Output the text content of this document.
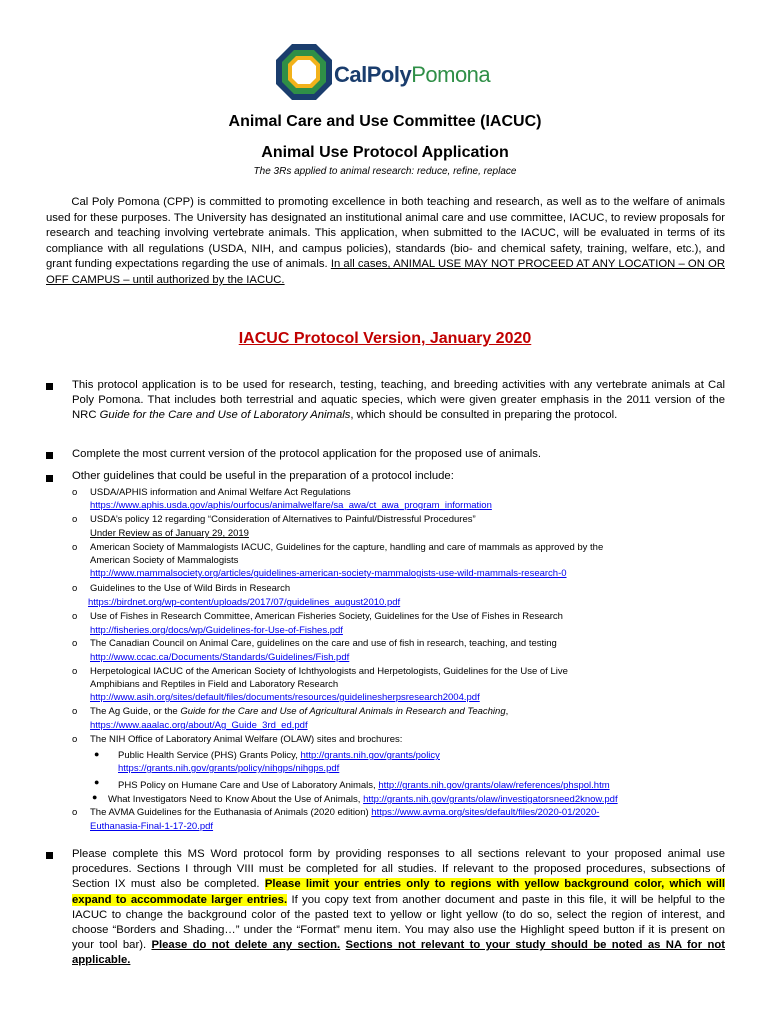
CalPolyPomona
Animal Care and Use Committee (IACUC)
Animal Use Protocol Application
The 3Rs applied to animal research: reduce, refine, replace
Cal Poly Pomona (CPP) is committed to promoting excellence in both teaching and research, as well as to the welfare of animals used for these purposes. The University has designated an institutional animal care and use committee, IACUC, to review proposals for research and teaching involving vertebrate animals. This application, when submitted to the IACUC, will be evaluated in terms of its compliance with all regulations (USDA, NIH, and campus policies), standards (bio- and chemical safety, training, welfare, etc.), and grant funding expectations regarding the use of animals. In all cases, ANIMAL USE MAY NOT PROCEED AT ANY LOCATION – ON OR OFF CAMPUS – until authorized by the IACUC.
IACUC Protocol Version, January 2020
This protocol application is to be used for research, testing, teaching, and breeding activities with any vertebrate animals at Cal Poly Pomona. That includes both terrestrial and aquatic species, which were given greater emphasis in the 2011 version of the NRC Guide for the Care and Use of Laboratory Animals, which should be consulted in preparing the protocol.
Complete the most current version of the protocol application for the proposed use of animals.
Other guidelines that could be useful in the preparation of a protocol include:
o USDA/APHIS information and Animal Welfare Act Regulations
https://www.aphis.usda.gov/aphis/ourfocus/animalwelfare/sa_awa/ct_awa_program_information
o USDA’s policy 12 regarding “Consideration of Alternatives to Painful/Distressful Procedures”
Under Review as of January 29, 2019
o American Society of Mammalogists IACUC, Guidelines for the capture, handling and care of mammals as approved by the
American Society of Mammalogists
http://www.mammalsociety.org/articles/guidelines-american-society-mammalogists-use-wild-mammals-research-0
o Guidelines to the Use of Wild Birds in Research
https://birdnet.org/wp-content/uploads/2017/07/guidelines_august2010.pdf
o Use of Fishes in Research Committee, American Fisheries Society, Guidelines for the Use of Fishes in Research
http://fisheries.org/docs/wp/Guidelines-for-Use-of-Fishes.pdf
o The Canadian Council on Animal Care, guidelines on the care and use of fish in research, teaching, and testing
http://www.ccac.ca/Documents/Standards/Guidelines/Fish.pdf
o Herpetological IACUC of the American Society of Ichthyologists and Herpetologists, Guidelines for the Use of Live
Amphibians and Reptiles in Field and Laboratory Research
http://www.asih.org/sites/default/files/documents/resources/guidelinesherpsresearch2004.pdf
o The Ag Guide, or the Guide for the Care and Use of Agricultural Animals in Research and Teaching,
https://www.aaalac.org/about/Ag_Guide_3rd_ed.pdf
o The NIH Office of Laboratory Animal Welfare (OLAW) sites and brochures:
● Public Health Service (PHS) Grants Policy, http://grants.nih.gov/grants/policy
https://grants.nih.gov/grants/policy/nihgps/nihgps.pdf
● PHS Policy on Humane Care and Use of Laboratory Animals, http://grants.nih.gov/grants/olaw/references/phspol.htm
● What Investigators Need to Know About the Use of Animals, http://grants.nih.gov/grants/olaw/investigatorsneed2know.pdf
o The AVMA Guidelines for the Euthanasia of Animals (2020 edition) https://www.avma.org/sites/default/files/2020-01/2020-
Euthanasia-Final-1-17-20.pdf
Please complete this MS Word protocol form by providing responses to all sections relevant to your proposed animal use procedures. Sections I through VIII must be completed for all studies. If relevant to the proposed procedures, subsections of Section IX must also be completed. Please limit your entries only to regions with yellow background color, which will expand to accommodate larger entries. If you copy text from another document and paste in this file, it will be helpful to the IACUC to change the background color of the pasted text to yellow or light yellow (to do so, select the region of interest, and choose “Borders and Shading…” under the “Format” menu item. You may also use the Highlight speed button if it is present on your tool bar). Please do not delete any section. Sections not relevant to your study should be noted as NA for not applicable.
